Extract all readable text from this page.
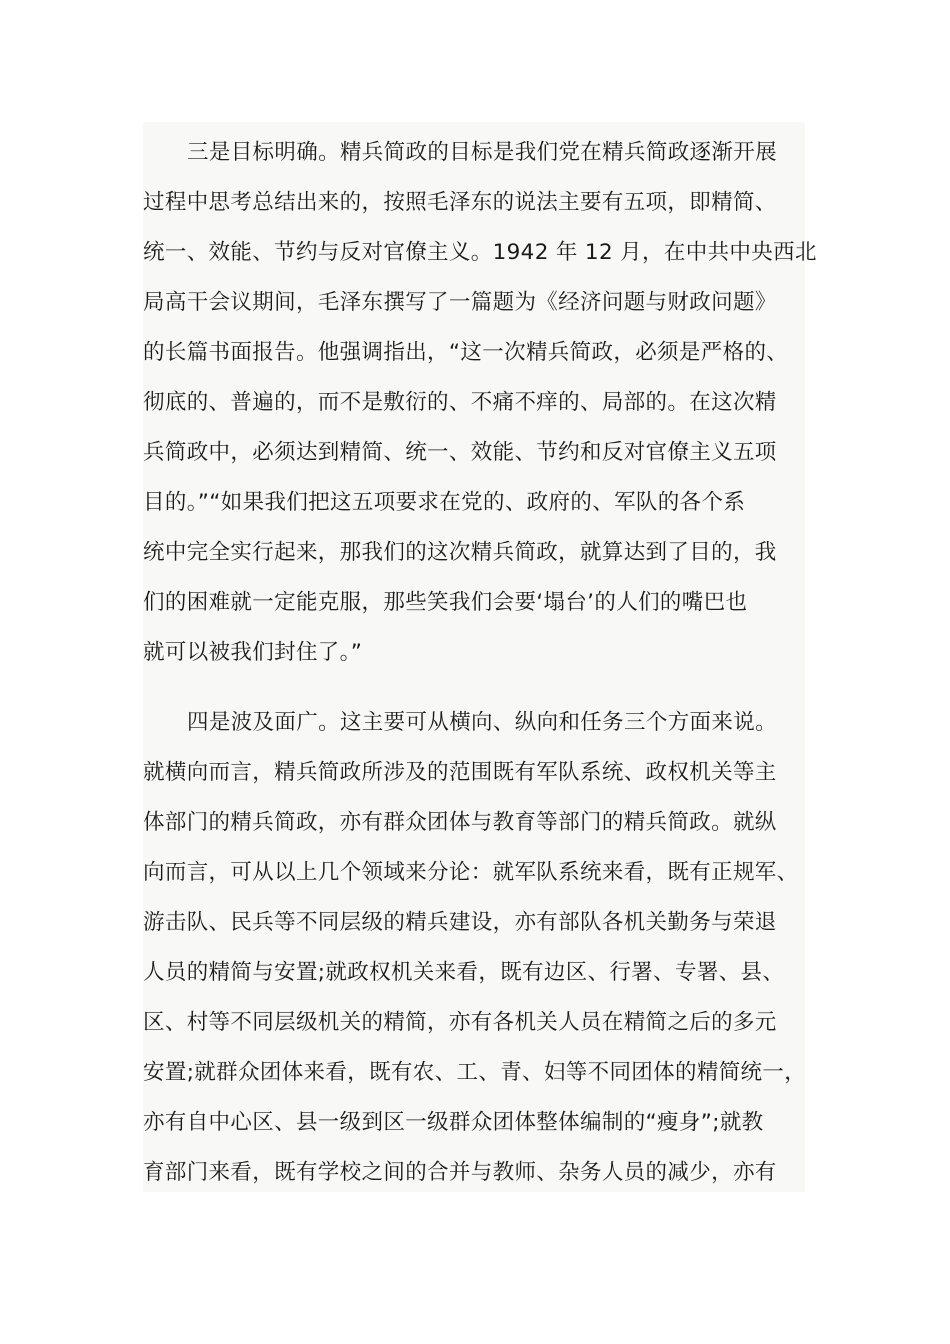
三是目标明确。精兵简政的目标是我们党在精兵简政逐渐开展
过程中思考总结出来的，按照毛泽东的说法主要有五项，即精简、
统一、效能、节约与反对官僚主义。1942 年 12 月，在中共中央西北
局高干会议期间，毛泽东撰写了一篇题为《经济问题与财政问题》
的长篇书面报告。他强调指出，“这一次精兵简政，必须是严格的、
彻底的、普遍的，而不是敷衍的、不痛不痒的、局部的。在这次精
兵简政中，必须达到精简、统一、效能、节约和反对官僚主义五项
目的。”“如果我们把这五项要求在党的、政府的、军队的各个系
统中完全实行起来，那我们的这次精兵简政，就算达到了目的，我
们的困难就一定能克服，那些笑我们会要‘塌台’的人们的嘴巴也
就可以被我们封住了。”
四是波及面广。这主要可从横向、纵向和任务三个方面来说。
就横向而言，精兵简政所涉及的范围既有军队系统、政权机关等主
体部门的精兵简政，亦有群众团体与教育等部门的精兵简政。就纵
向而言，可从以上几个领域来分论：就军队系统来看，既有正规军、
游击队、民兵等不同层级的精兵建设，亦有部队各机关勤务与荣退
人员的精简与安置;就政权机关来看，既有边区、行署、专署、县、
区、村等不同层级机关的精简，亦有各机关人员在精简之后的多元
安置;就群众团体来看，既有农、工、青、妇等不同团体的精简统一，
亦有自中心区、县一级到区一级群众团体整体编制的“瘦身”;就教
育部门来看，既有学校之间的合并与教师、杂务人员的减少，亦有
